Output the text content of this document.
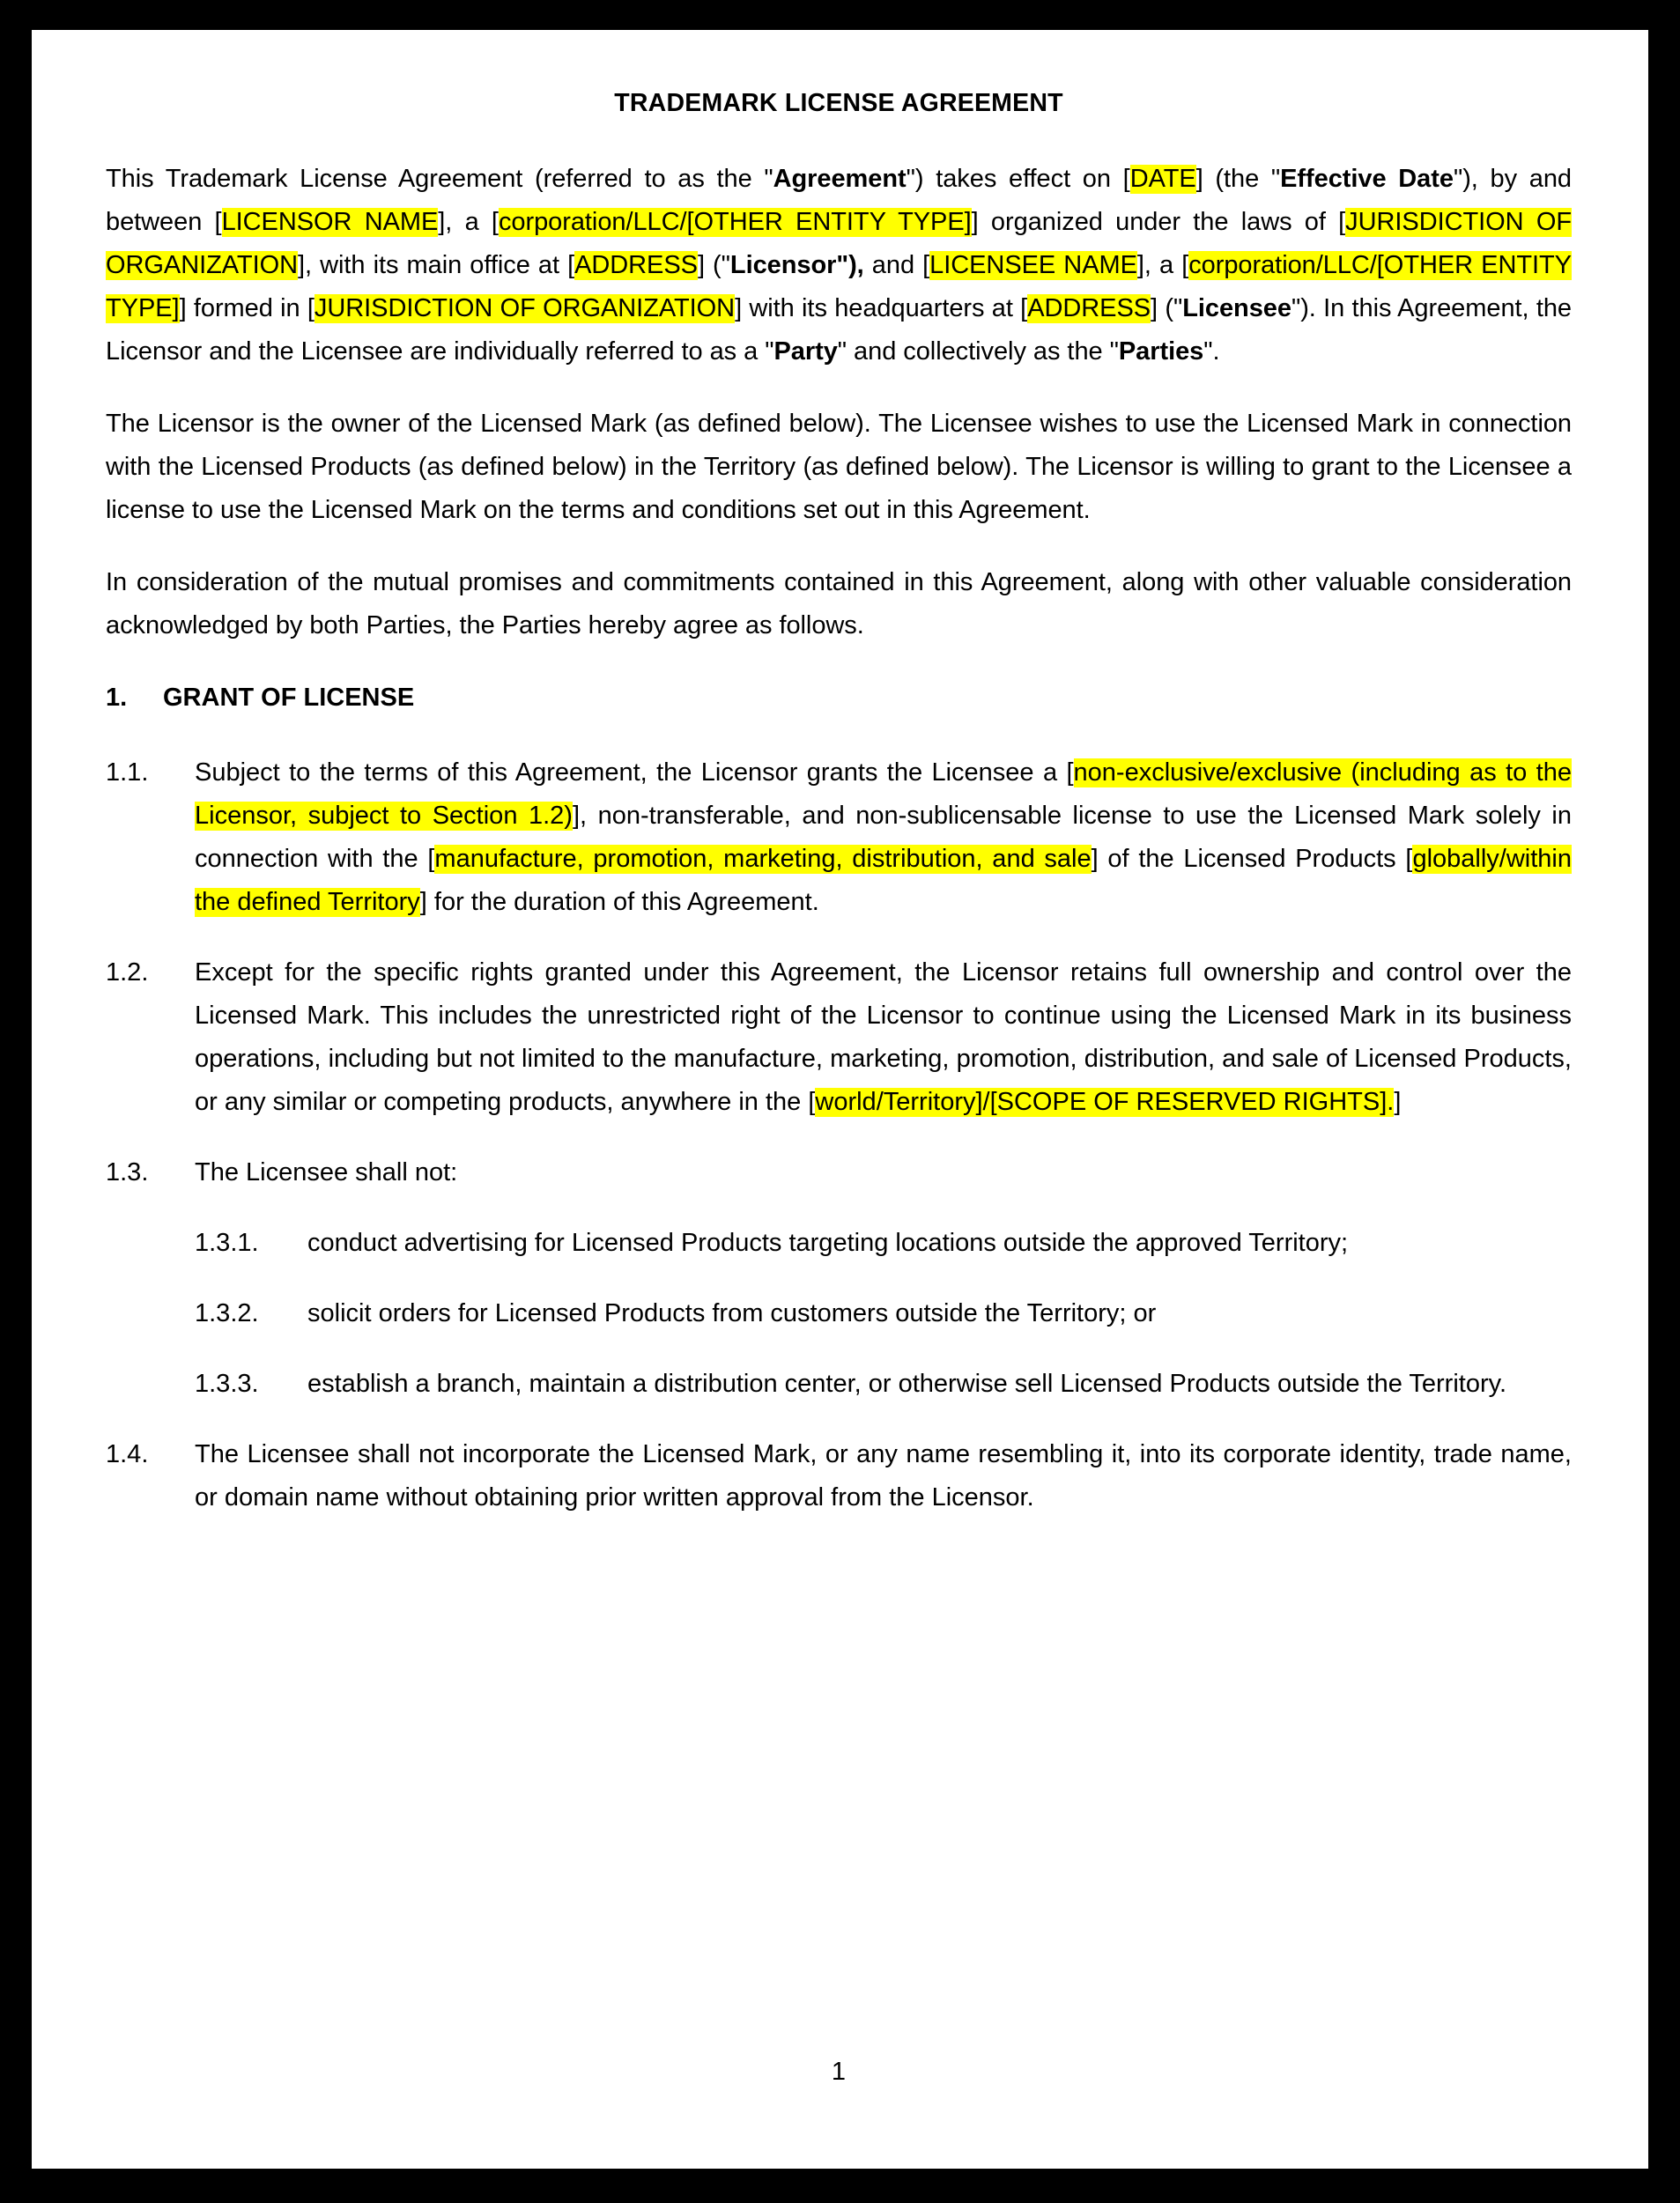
TRADEMARK LICENSE AGREEMENT

This Trademark License Agreement (referred to as the "Agreement") takes effect on [DATE] (the "Effective Date"), by and between [LICENSOR NAME], a [corporation/LLC/[OTHER ENTITY TYPE]] organized under the laws of [JURISDICTION OF ORGANIZATION], with its main office at [ADDRESS] ("Licensor"), and [LICENSEE NAME], a [corporation/LLC/[OTHER ENTITY TYPE]] formed in [JURISDICTION OF ORGANIZATION] with its headquarters at [ADDRESS] ("Licensee"). In this Agreement, the Licensor and the Licensee are individually referred to as a "Party" and collectively as the "Parties".

The Licensor is the owner of the Licensed Mark (as defined below). The Licensee wishes to use the Licensed Mark in connection with the Licensed Products (as defined below) in the Territory (as defined below). The Licensor is willing to grant to the Licensee a license to use the Licensed Mark on the terms and conditions set out in this Agreement.

In consideration of the mutual promises and commitments contained in this Agreement, along with other valuable consideration acknowledged by both Parties, the Parties hereby agree as follows.

1.	GRANT OF LICENSE
1.1.	Subject to the terms of this Agreement, the Licensor grants the Licensee a [non-exclusive/exclusive (including as to the Licensor, subject to Section 1.2)], non-transferable, and non-sublicensable license to use the Licensed Mark solely in connection with the [manufacture, promotion, marketing, distribution, and sale] of the Licensed Products [globally/within the defined Territory] for the duration of this Agreement.
1.2.	Except for the specific rights granted under this Agreement, the Licensor retains full ownership and control over the Licensed Mark. This includes the unrestricted right of the Licensor to continue using the Licensed Mark in its business operations, including but not limited to the manufacture, marketing, promotion, distribution, and sale of Licensed Products, or any similar or competing products, anywhere in the [world/Territory]/[SCOPE OF RESERVED RIGHTS].]
1.3.	The Licensee shall not:
1.3.1.	conduct advertising for Licensed Products targeting locations outside the approved Territory;
1.3.2.	solicit orders for Licensed Products from customers outside the Territory; or
1.3.3.	establish a branch, maintain a distribution center, or otherwise sell Licensed Products outside the Territory.
1.4.	The Licensee shall not incorporate the Licensed Mark, or any name resembling it, into its corporate identity, trade name, or domain name without obtaining prior written approval from the Licensor.
1
